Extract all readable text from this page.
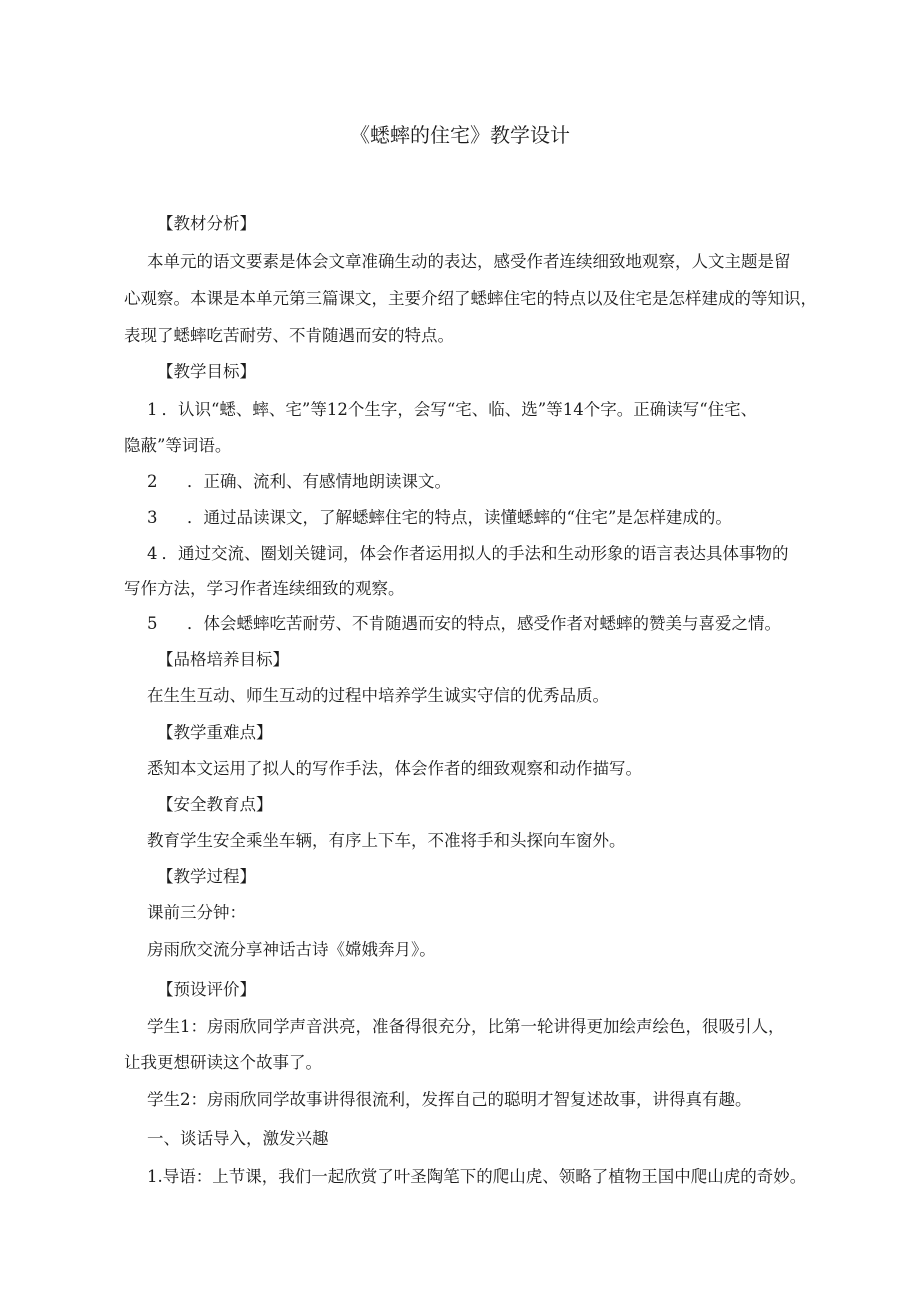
《蟋蟀的住宅》教学设计
【教材分析】
本单元的语文要素是体会文章准确生动的表达，感受作者连续细致地观察，人文主题是留
心观察。本课是本单元第三篇课文，主要介绍了蟋蟀住宅的特点以及住宅是怎样建成的等知识，
表现了蟋蟀吃苦耐劳、不肯随遇而安的特点。
【教学目标】
1 ．认识“蟋、蟀、宅”等12个生字，会写“宅、临、选”等14个字。正确读写“住宅、
隐蔽”等词语。
2 ．正确、流利、有感情地朗读课文。
3 ．通过品读课文，了解蟋蟀住宅的特点，读懂蟋蟀的“住宅”是怎样建成的。
4 ．通过交流、圈划关键词，体会作者运用拟人的手法和生动形象的语言表达具体事物的
写作方法，学习作者连续细致的观察。
5 ．体会蟋蟀吃苦耐劳、不肯随遇而安的特点，感受作者对蟋蟀的赞美与喜爱之情。
【品格培养目标】
在生生互动、师生互动的过程中培养学生诚实守信的优秀品质。
【教学重难点】
悉知本文运用了拟人的写作手法，体会作者的细致观察和动作描写。
【安全教育点】
教育学生安全乘坐车辆，有序上下车，不准将手和头探向车窗外。
【教学过程】
课前三分钟：
房雨欣交流分享神话古诗《嫦娥奔月》。
【预设评价】
学生1：房雨欣同学声音洪亮，准备得很充分，比第一轮讲得更加绘声绘色，很吸引人，
让我更想研读这个故事了。
学生2：房雨欣同学故事讲得很流利，发挥自己的聪明才智复述故事，讲得真有趣。
一、谈话导入，激发兴趣
1.导语：上节课，我们一起欣赏了叶圣陶笔下的爬山虎、领略了植物王国中爬山虎的奇妙。
